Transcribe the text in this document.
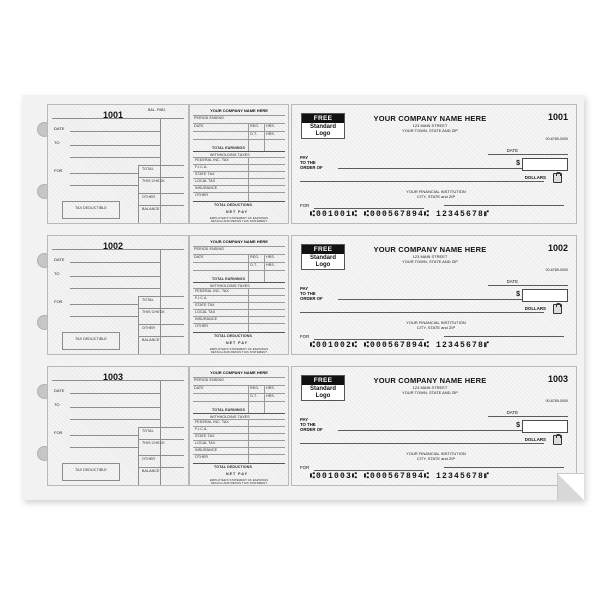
1001	BAL. FWD.
DATE
TO
FOR	TOTAL
THIS CHECK
OTHER
BALANCE
TAX DEDUCTIBLE
YOUR COMPANY NAME HERE
PERIOD ENDING
DATE	REG. HRS.
O.T.	HRS.
TOTAL EARNINGS
WITHHOLDING TAXES
FEDERAL INC. TAX
F.I.C.A.
STATE TAX
LOCAL TAX
INSURANCE
OTHER
TOTAL DEDUCTIONS
NET PAY
EMPLOYEE'S STATEMENT OF EARNINGS
DETACH AND RETAIN THIS STATEMENT
FREE
Standard
Logo
YOUR COMPANY NAME HERE
123 MAIN STREET
YOUR TOWN, STATE AND ZIP
1001
00-6789-0000
DATE
PAY
TO THE
ORDER OF
$
DOLLARS
YOUR FINANCIAL INSTITUTION
CITY, STATE and ZIP
FOR
⑆001001⑆ ⑆000567894⑆ 12345678⑈
1002
DATE
TO
FOR	TOTAL
THIS CHECK
OTHER
BALANCE
TAX DEDUCTIBLE
YOUR COMPANY NAME HERE
PERIOD ENDING
DATE	REG. HRS.
O.T.	HRS.
TOTAL EARNINGS
WITHHOLDING TAXES
FEDERAL INC. TAX
F.I.C.A.
STATE TAX
LOCAL TAX
INSURANCE
OTHER
TOTAL DEDUCTIONS
NET PAY
EMPLOYEE'S STATEMENT OF EARNINGS
DETACH AND RETAIN THIS STATEMENT
FREE
Standard
Logo
YOUR COMPANY NAME HERE
123 MAIN STREET
YOUR TOWN, STATE AND ZIP
1002
00-6789-0000
DATE
PAY
TO THE
ORDER OF
$
DOLLARS
YOUR FINANCIAL INSTITUTION
CITY, STATE and ZIP
FOR
⑆001002⑆ ⑆000567894⑆ 12345678⑈
1003
DATE
TO
FOR	TOTAL
THIS CHECK
OTHER
BALANCE
TAX DEDUCTIBLE
YOUR COMPANY NAME HERE
PERIOD ENDING
DATE	REG. HRS.
O.T.	HRS.
TOTAL EARNINGS
WITHHOLDING TAXES
FEDERAL INC. TAX
F.I.C.A.
STATE TAX
LOCAL TAX
INSURANCE
OTHER
TOTAL DEDUCTIONS
NET PAY
EMPLOYEE'S STATEMENT OF EARNINGS
DETACH AND RETAIN THIS STATEMENT
FREE
Standard
Logo
YOUR COMPANY NAME HERE
123 MAIN STREET
YOUR TOWN, STATE AND ZIP
1003
00-6789-0000
DATE
PAY
TO THE
ORDER OF
$
DOLLARS
YOUR FINANCIAL INSTITUTION
CITY, STATE and ZIP
FOR
⑆001003⑆ ⑆000567894⑆ 12345678⑈
